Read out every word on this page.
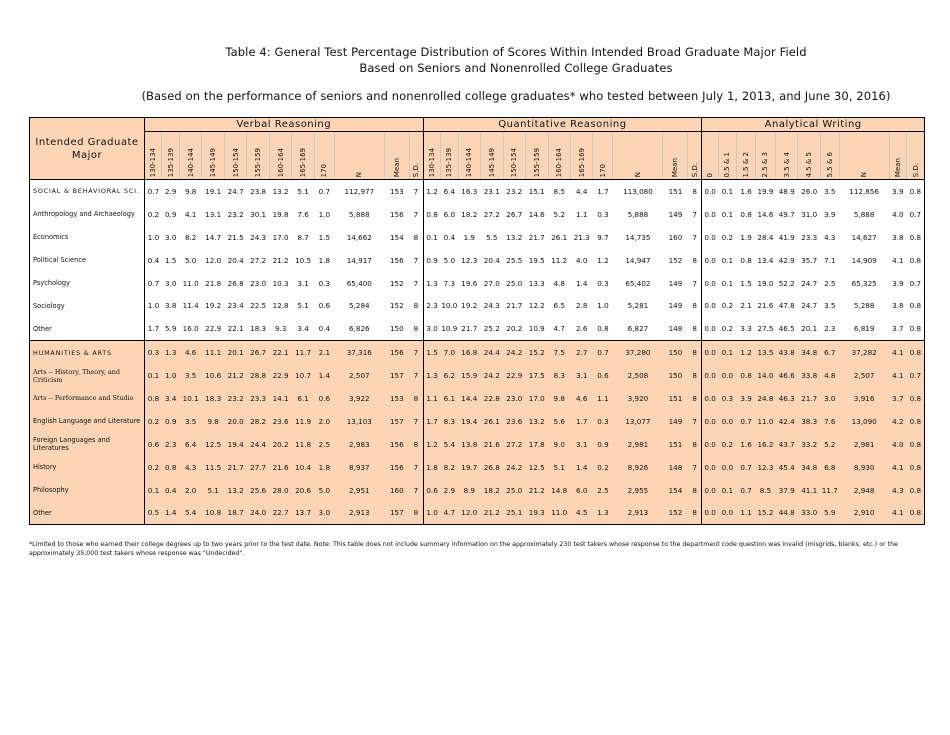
Table 4: General Test Percentage Distribution of Scores Within Intended Broad Graduate Major Field
Based on Seniors and Nonenrolled College Graduates
(Based on the performance of seniors and nonenrolled college graduates* who tested between July 1, 2013, and June 30, 2016)
Intended Graduate Major	Verbal Reasoning												Quantitative Reasoning												Analytical Writing									
	130-134	135-139	140-144	145-149	150-154	155-159	160-164	165-169	170	N	Mean	S.D.	130-134	135-139	140-144	145-149	150-154	155-159	160-164	165-169	170	N	Mean	S.D.	0	0.5 & 1	1.5 & 2	2.5 & 3	3.5 & 4	4.5 & 5	5.5 & 6	N	Mean	S.D.
SOCIAL & BEHAVIORAL SCI.	0.7	2.9	9.8	19.1	24.7	23.8	13.2	5.1	0.7	112,977	153	7	1.2	6.4	16.3	23.1	23.2	15.1	8.5	4.4	1.7	113,080	151	8	0.0	0.1	1.6	19.9	48.9	26.0	3.5	112,856	3.9	0.8
Anthropology and Archaeology	0.2	0.9	4.1	13.1	23.2	30.1	19.8	7.6	1.0	5,888	156	7	0.8	6.0	18.2	27.2	26.7	14.6	5.2	1.1	0.3	5,888	149	7	0.0	0.1	0.8	14.6	49.7	31.0	3.9	5,888	4.0	0.7
Economics	1.0	3.0	8.2	14.7	21.5	24.3	17.0	8.7	1.5	14,662	154	8	0.1	0.4	1.9	5.5	13.2	21.7	26.1	21.3	9.7	14,735	160	7	0.0	0.2	1.9	28.4	41.9	23.3	4.3	14,627	3.8	0.8
Political Science	0.4	1.5	5.0	12.0	20.4	27.2	21.2	10.5	1.8	14,917	156	7	0.9	5.0	12.3	20.4	25.5	19.5	11.2	4.0	1.2	14,947	152	8	0.0	0.1	0.8	13.4	42.9	35.7	7.1	14,909	4.1	0.8
Psychology	0.7	3.0	11.0	21.8	26.8	23.0	10.3	3.1	0.3	65,400	152	7	1.3	7.3	19.6	27.0	25.0	13.3	4.8	1.4	0.3	65,402	149	7	0.0	0.1	1.5	19.0	52.2	24.7	2.5	65,325	3.9	0.7
Sociology	1.0	3.8	11.4	19.2	23.4	22.5	12.8	5.1	0.6	5,284	152	8	2.3	10.0	19.2	24.3	21.7	12.2	6.5	2.8	1.0	5,281	149	8	0.0	0.2	2.1	21.6	47.8	24.7	3.5	5,288	3.8	0.8
Other	1.7	5.9	16.0	22.9	22.1	18.3	9.3	3.4	0.4	6,826	150	8	3.0	10.9	21.7	25.2	20.2	10.9	4.7	2.6	0.8	6,827	148	8	0.0	0.2	3.3	27.5	46.5	20.1	2.3	6,819	3.7	0.8
HUMANITIES & ARTS	0.3	1.3	4.6	11.1	20.1	26.7	22.1	11.7	2.1	37,316	156	7	1.5	7.0	16.8	24.4	24.2	15.2	7.5	2.7	0.7	37,280	150	8	0.0	0.1	1.2	13.5	43.8	34.8	6.7	37,282	4.1	0.8
Arts -- History, Theory, and Criticism	0.1	1.0	3.5	10.6	21.2	28.8	22.9	10.7	1.4	2,507	157	7	1.3	6.2	15.9	24.2	22.9	17.5	8.3	3.1	0.6	2,508	150	8	0.0	0.0	0.8	14.0	46.6	33.8	4.8	2,507	4.1	0.7
Arts -- Performance and Studio	0.8	3.4	10.1	18.3	23.2	23.3	14.1	6.1	0.6	3,922	153	8	1.1	6.1	14.4	22.8	23.0	17.0	9.8	4.6	1.1	3,920	151	8	0.0	0.3	3.9	24.8	46.3	21.7	3.0	3,916	3.7	0.8
English Language and Literature	0.2	0.9	3.5	9.8	20.0	28.2	23.6	11.9	2.0	13,103	157	7	1.7	8.3	19.4	26.1	23.6	13.2	5.6	1.7	0.3	13,077	149	7	0.0	0.0	0.7	11.0	42.4	38.3	7.6	13,090	4.2	0.8
Foreign Languages and Literatures	0.6	2.3	6.4	12.5	19.4	24.4	20.2	11.8	2.5	2,983	156	8	1.2	5.4	13.8	21.6	27.2	17.8	9.0	3.1	0.9	2,981	151	8	0.0	0.2	1.6	16.2	43.7	33.2	5.2	2,981	4.0	0.8
History	0.2	0.8	4.3	11.5	21.7	27.7	21.6	10.4	1.8	8,937	156	7	1.8	8.2	19.7	26.8	24.2	12.5	5.1	1.4	0.2	8,926	148	7	0.0	0.0	0.7	12.3	45.4	34.8	6.8	8,930	4.1	0.8
Philosophy	0.1	0.4	2.0	5.1	13.2	25.6	28.0	20.6	5.0	2,951	160	7	0.6	2.9	8.9	18.2	25.0	21.2	14.8	6.0	2.5	2,955	154	8	0.0	0.1	0.7	8.5	37.9	41.1	11.7	2,948	4.3	0.8
Other	0.5	1.4	5.4	10.8	18.7	24.0	22.7	13.7	3.0	2,913	157	8	1.0	4.7	12.0	21.2	25.1	19.3	11.0	4.5	1.3	2,913	152	8	0.0	0.0	1.1	15.2	44.8	33.0	5.9	2,910	4.1	0.8
*Limited to those who earned their college degrees up to two years prior to the test date. Note: This table does not include summary information on the approximately 230 test takers whose response to the department code question was invalid (misgrids, blanks, etc.) or the approximately 35,000 test takers whose response was "Undecided".
